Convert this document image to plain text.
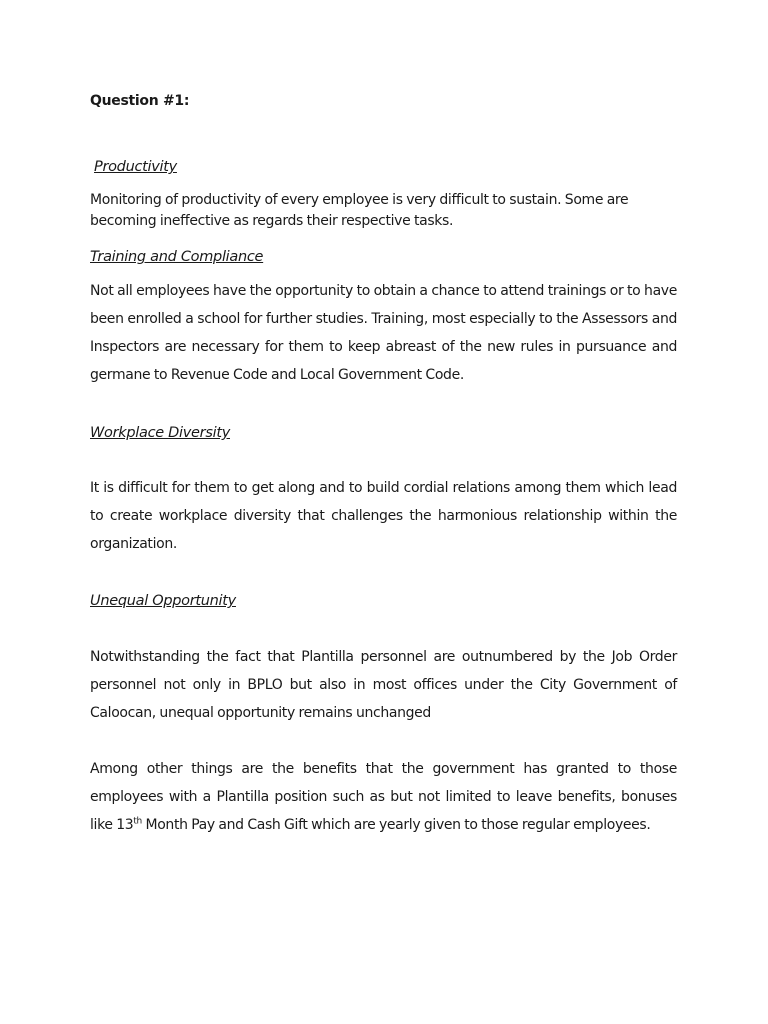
Question #1:
Productivity
Monitoring of productivity of every employee is very difficult to sustain. Some are becoming ineffective as regards their respective tasks.
Training and Compliance
Not all employees have the opportunity to obtain a chance to attend trainings or to have been enrolled a school for further studies. Training, most especially to the Assessors and Inspectors are necessary for them to keep abreast of the new rules in pursuance and germane to Revenue Code and Local Government Code.
Workplace Diversity
It is difficult for them to get along and to build cordial relations among them which lead to create workplace diversity that challenges the harmonious relationship within the organization.
Unequal Opportunity
Notwithstanding the fact that Plantilla personnel are outnumbered by the Job Order personnel not only in BPLO but also in most offices under the City Government of Caloocan, unequal opportunity remains unchanged
Among other things are the benefits that the government has granted to those employees with a Plantilla position such as but not limited to leave benefits, bonuses like 13th Month Pay and Cash Gift which are yearly given to those regular employees.
